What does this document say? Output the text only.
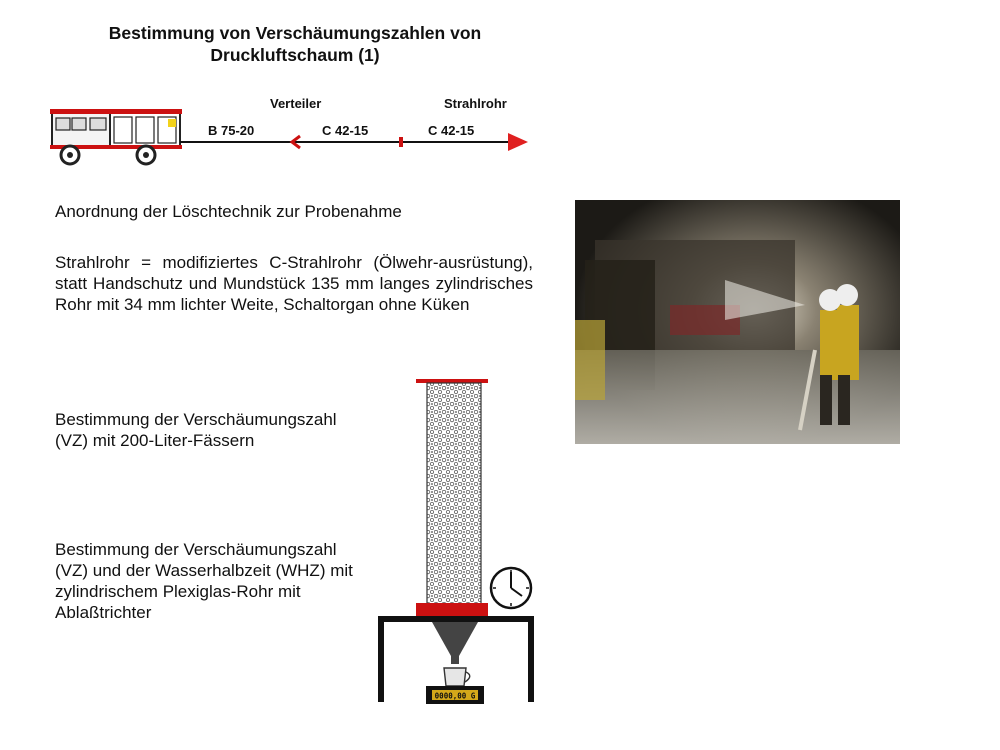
Bestimmung von Verschäumungszahlen von
Druckluftschaum (1)
Verteiler	Strahlrohr
B 75-20	C 42-15	C 42-15
Anordnung der Löschtechnik zur Probenahme
Strahlrohr = modifiziertes C-Strahlrohr (Ölwehr-ausrüstung), statt Handschutz und Mundstück 135 mm langes zylindrisches Rohr mit 34 mm lichter Weite, Schaltorgan ohne Küken
Bestimmung der Verschäumungszahl (VZ) mit 200-Liter-Fässern
Bestimmung der Verschäumungszahl (VZ) und der Wasserhalbzeit (WHZ) mit zylindrischem Plexiglas-Rohr mit Ablaßtrichter
0000,00 G
